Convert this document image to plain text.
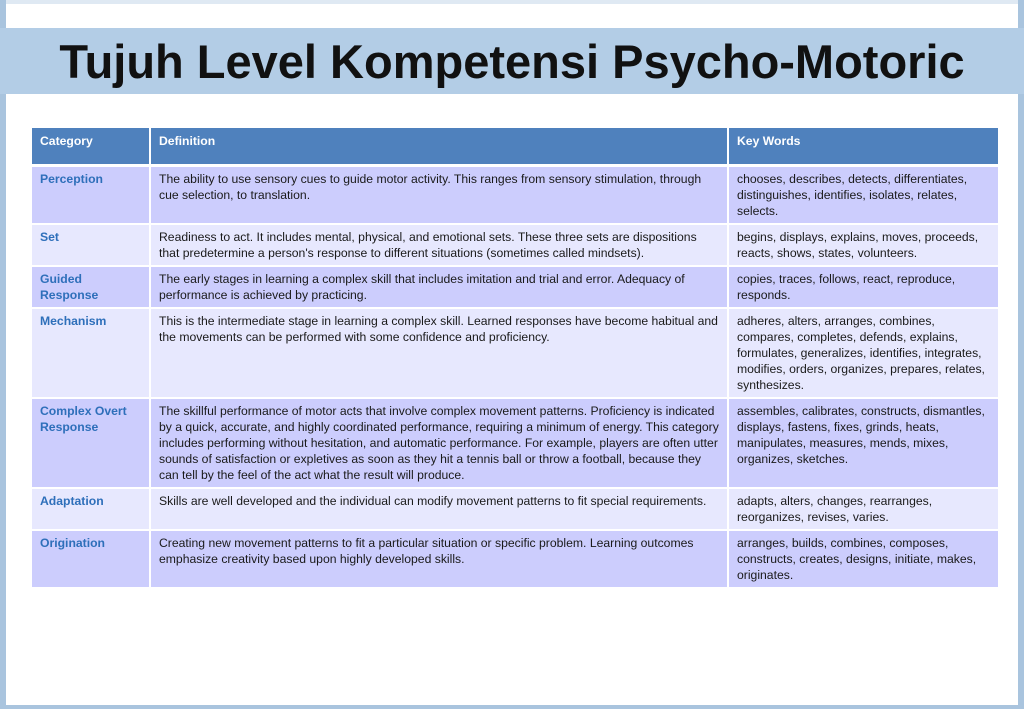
Tujuh Level Kompetensi Psycho-Motoric
Category	Definition	Key Words
Perception	The ability to use sensory cues to guide motor activity. This ranges from sensory stimulation, through cue selection, to translation.	chooses, describes, detects, differentiates, distinguishes, identifies, isolates, relates, selects.
Set	Readiness to act. It includes mental, physical, and emotional sets. These three sets are dispositions that predetermine a person's response to different situations (sometimes called mindsets).	begins, displays, explains, moves, proceeds, reacts, shows, states, volunteers.
Guided Response	The early stages in learning a complex skill that includes imitation and trial and error. Adequacy of performance is achieved by practicing.	copies, traces, follows, react, reproduce, responds.
Mechanism	This is the intermediate stage in learning a complex skill. Learned responses have become habitual and the movements can be performed with some confidence and proficiency.	adheres, alters, arranges, combines, compares, completes, defends, explains, formulates, generalizes, identifies, integrates, modifies, orders, organizes, prepares, relates, synthesizes.
Complex Overt Response	The skillful performance of motor acts that involve complex movement patterns. Proficiency is indicated by a quick, accurate, and highly coordinated performance, requiring a minimum of energy. This category includes performing without hesitation, and automatic performance. For example, players are often utter sounds of satisfaction or expletives as soon as they hit a tennis ball or throw a football, because they can tell by the feel of the act what the result will produce.	assembles, calibrates, constructs, dismantles, displays, fastens, fixes, grinds, heats, manipulates, measures, mends, mixes, organizes, sketches.
Adaptation	Skills are well developed and the individual can modify movement patterns to fit special requirements.	adapts, alters, changes, rearranges, reorganizes, revises, varies.
Origination	Creating new movement patterns to fit a particular situation or specific problem. Learning outcomes emphasize creativity based upon highly developed skills.	arranges, builds, combines, composes, constructs, creates, designs, initiate, makes, originates.
